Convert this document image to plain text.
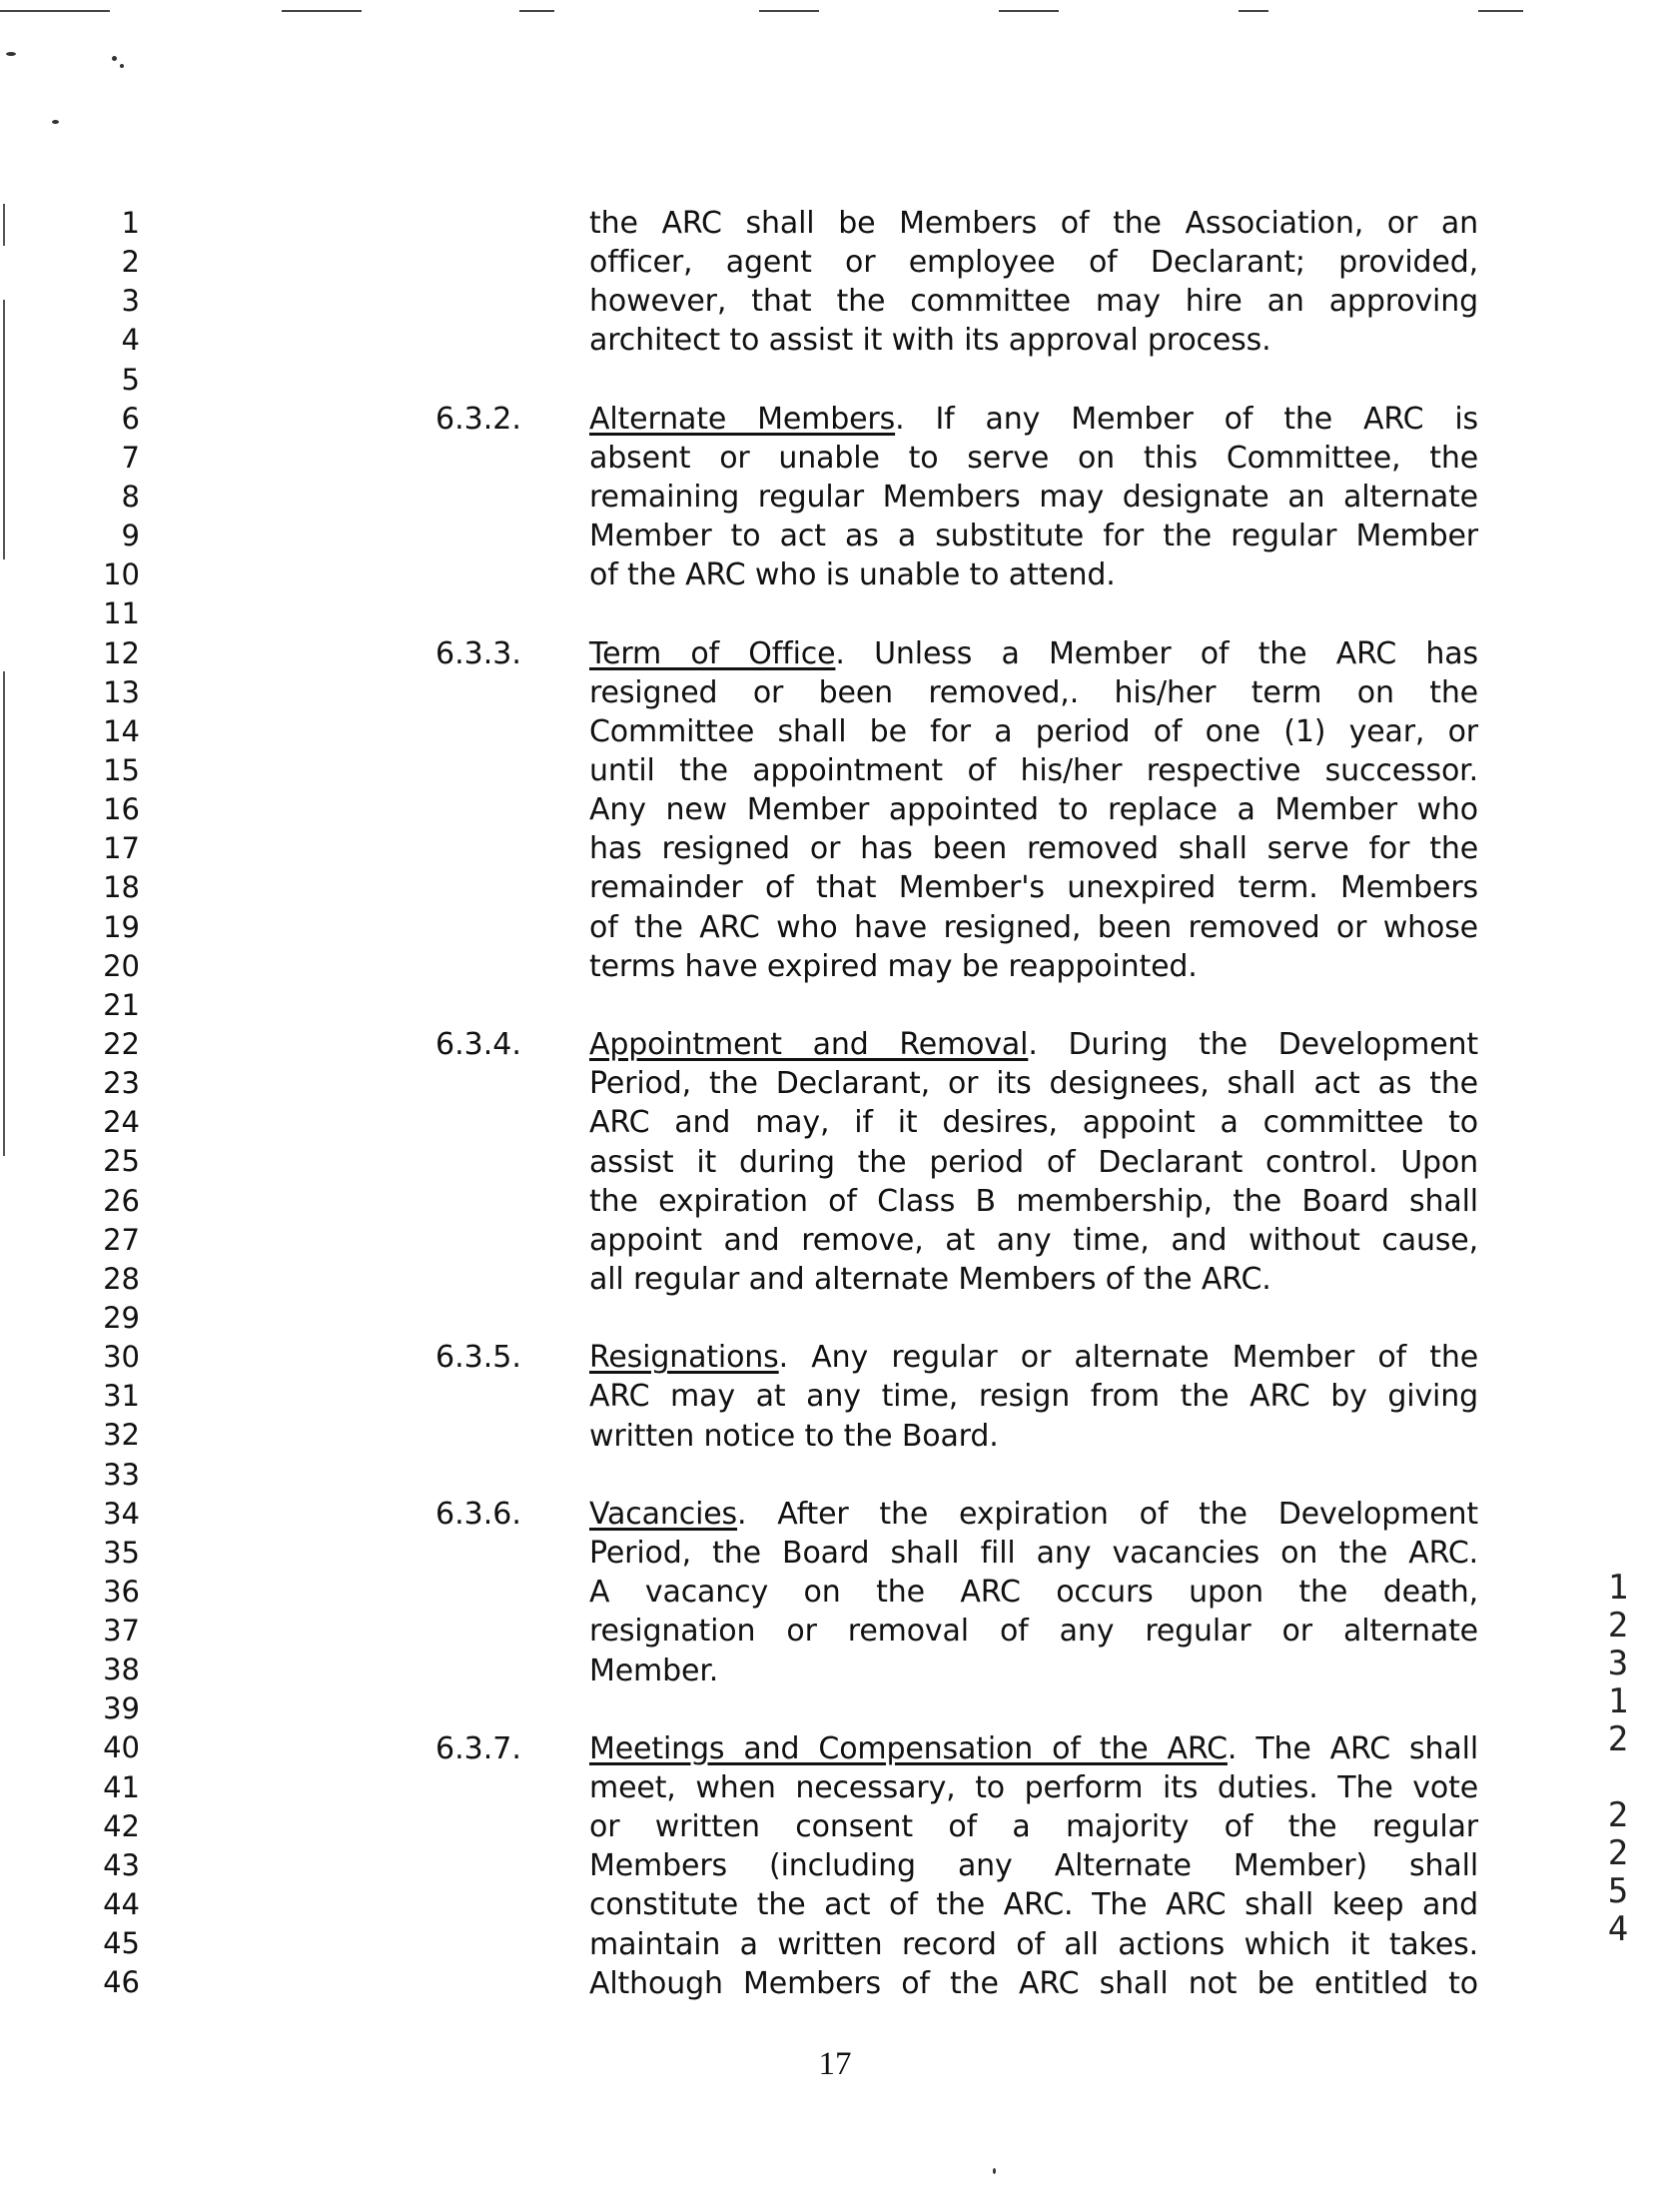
1
2
3
4
5
6
7
8
9
10
11
12
13
14
15
16
17
18
19
20
21
22
23
24
25
26
27
28
29
30
31
32
33
34
35
36
37
38
39
40
41
42
43
44
45
46
the ARC shall be Members of the Association, or an
officer, agent or employee of Declarant; provided,
however, that the committee may hire an approving
architect to assist it with its approval process.
6.3.2. Alternate Members. If any Member of the ARC is
absent or unable to serve on this Committee, the
remaining regular Members may designate an alternate
Member to act as a substitute for the regular Member
of the ARC who is unable to attend.
6.3.3. Term of Office. Unless a Member of the ARC has
resigned or been removed,. his/her term on the
Committee shall be for a period of one (1) year, or
until the appointment of his/her respective successor.
Any new Member appointed to replace a Member who
has resigned or has been removed shall serve for the
remainder of that Member's unexpired term. Members
of the ARC who have resigned, been removed or whose
terms have expired may be reappointed.
6.3.4. Appointment and Removal. During the Development
Period, the Declarant, or its designees, shall act as the
ARC and may, if it desires, appoint a committee to
assist it during the period of Declarant control. Upon
the expiration of Class B membership, the Board shall
appoint and remove, at any time, and without cause,
all regular and alternate Members of the ARC.
6.3.5. Resignations. Any regular or alternate Member of the
ARC may at any time, resign from the ARC by giving
written notice to the Board.
6.3.6. Vacancies. After the expiration of the Development
Period, the Board shall fill any vacancies on the ARC.
A vacancy on the ARC occurs upon the death,
resignation or removal of any regular or alternate
Member.
6.3.7. Meetings and Compensation of the ARC. The ARC shall
meet, when necessary, to perform its duties. The vote
or written consent of a majority of the regular
Members (including any Alternate Member) shall
constitute the act of the ARC. The ARC shall keep and
maintain a written record of all actions which it takes.
Although Members of the ARC shall not be entitled to
17
1
2
3
1
2
2
2
5
4
